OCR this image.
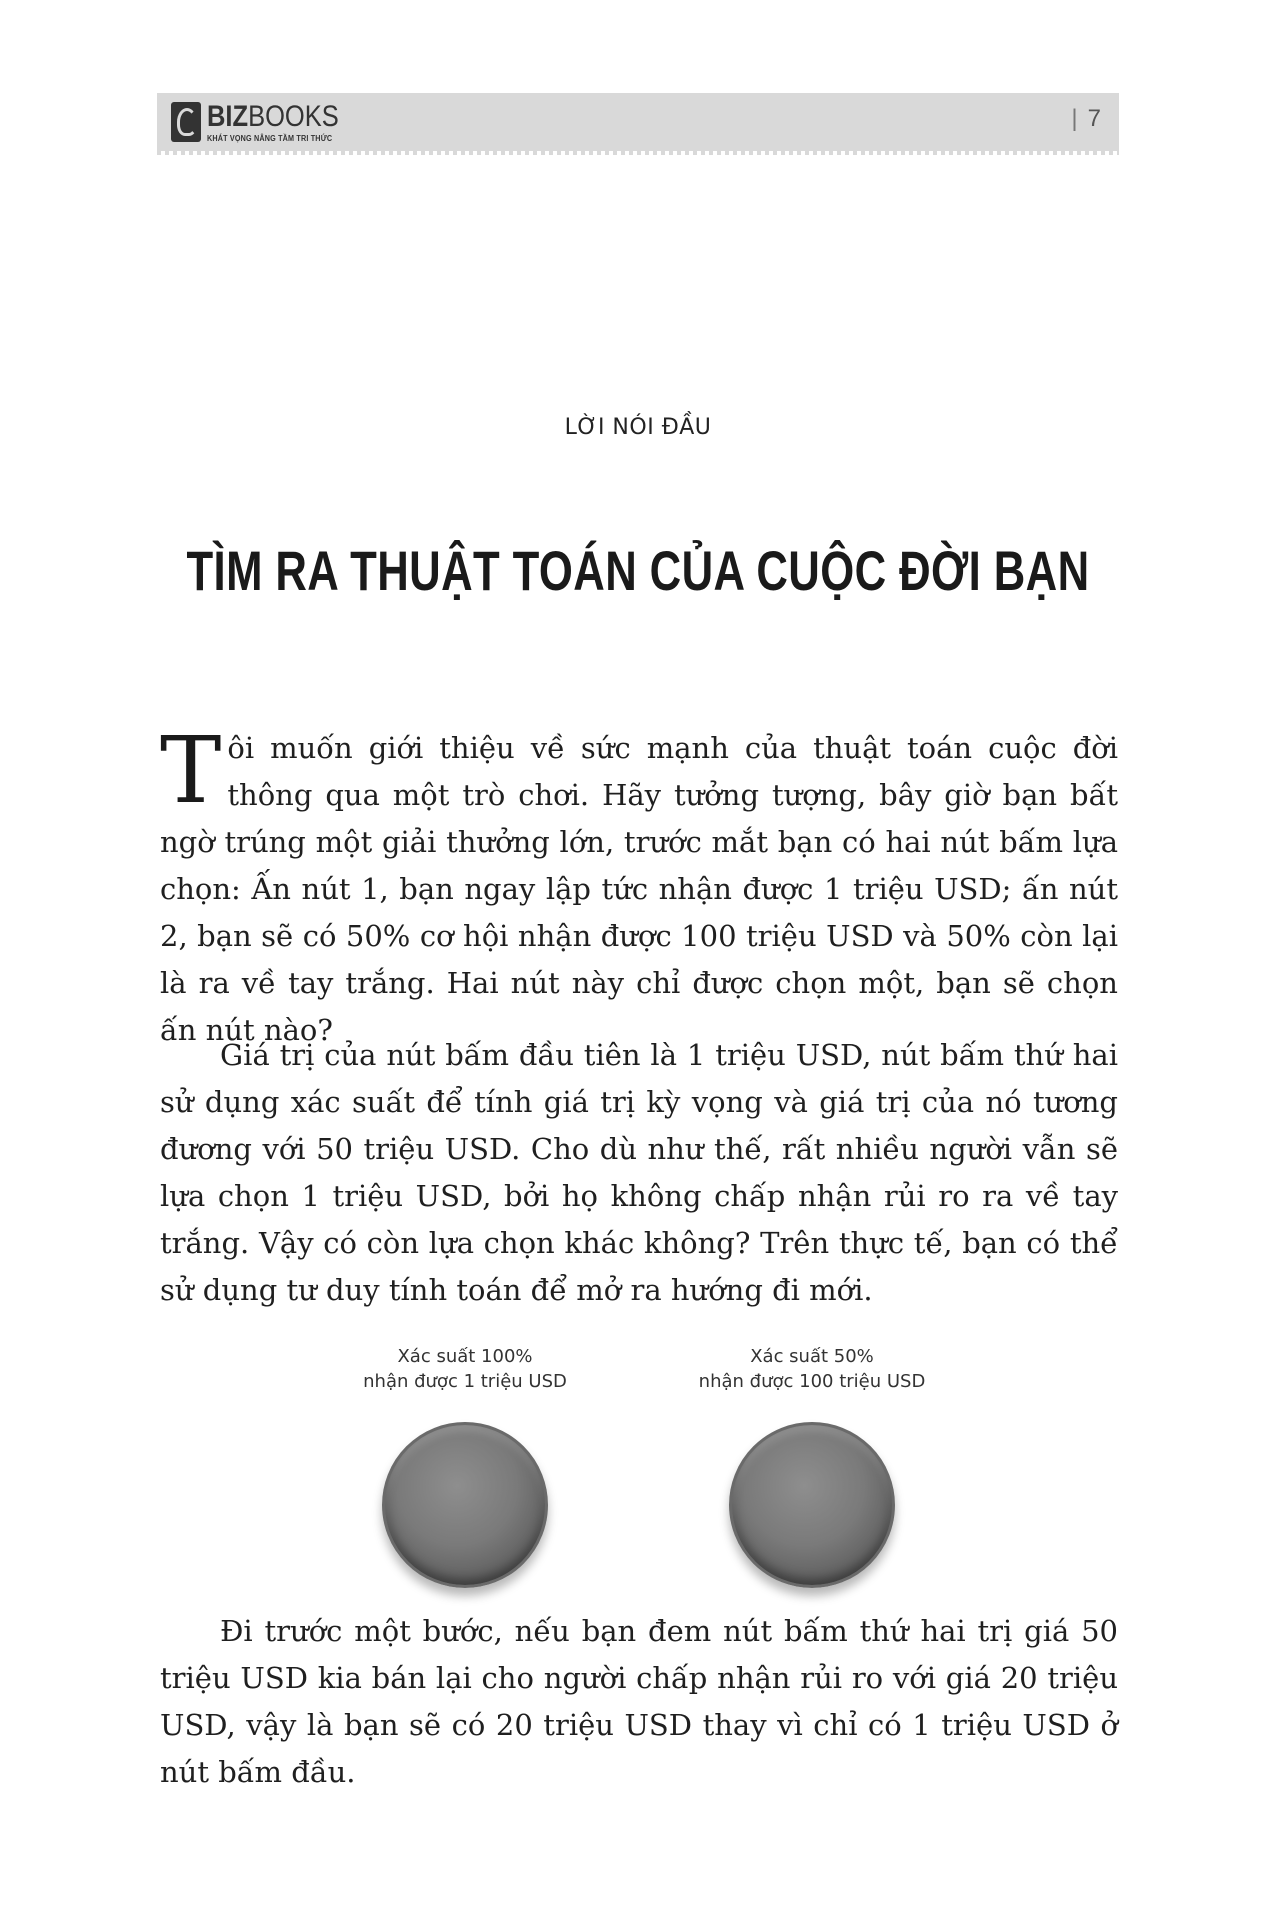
BIZBOOKS
KHÁT VỌNG NÂNG TẦM TRI THỨC
| 7
LỜI NÓI ĐẦU
TÌM RA THUẬT TOÁN CỦA CUỘC ĐỜI BẠN

Tôi muốn giới thiệu về sức mạnh của thuật toán cuộc đời thông qua một trò chơi. Hãy tưởng tượng, bây giờ bạn bất ngờ trúng một giải thưởng lớn, trước mắt bạn có hai nút bấm lựa chọn: Ấn nút 1, bạn ngay lập tức nhận được 1 triệu USD; ấn nút 2, bạn sẽ có 50% cơ hội nhận được 100 triệu USD và 50% còn lại là ra về tay trắng. Hai nút này chỉ được chọn một, bạn sẽ chọn ấn nút nào?

Giá trị của nút bấm đầu tiên là 1 triệu USD, nút bấm thứ hai sử dụng xác suất để tính giá trị kỳ vọng và giá trị của nó tương đương với 50 triệu USD. Cho dù như thế, rất nhiều người vẫn sẽ lựa chọn 1 triệu USD, bởi họ không chấp nhận rủi ro ra về tay trắng. Vậy có còn lựa chọn khác không? Trên thực tế, bạn có thể sử dụng tư duy tính toán để mở ra hướng đi mới.

Xác suất 100%
nhận được 1 triệu USD
Xác suất 50%
nhận được 100 triệu USD

Đi trước một bước, nếu bạn đem nút bấm thứ hai trị giá 50 triệu USD kia bán lại cho người chấp nhận rủi ro với giá 20 triệu USD, vậy là bạn sẽ có 20 triệu USD thay vì chỉ có 1 triệu USD ở nút bấm đầu.
